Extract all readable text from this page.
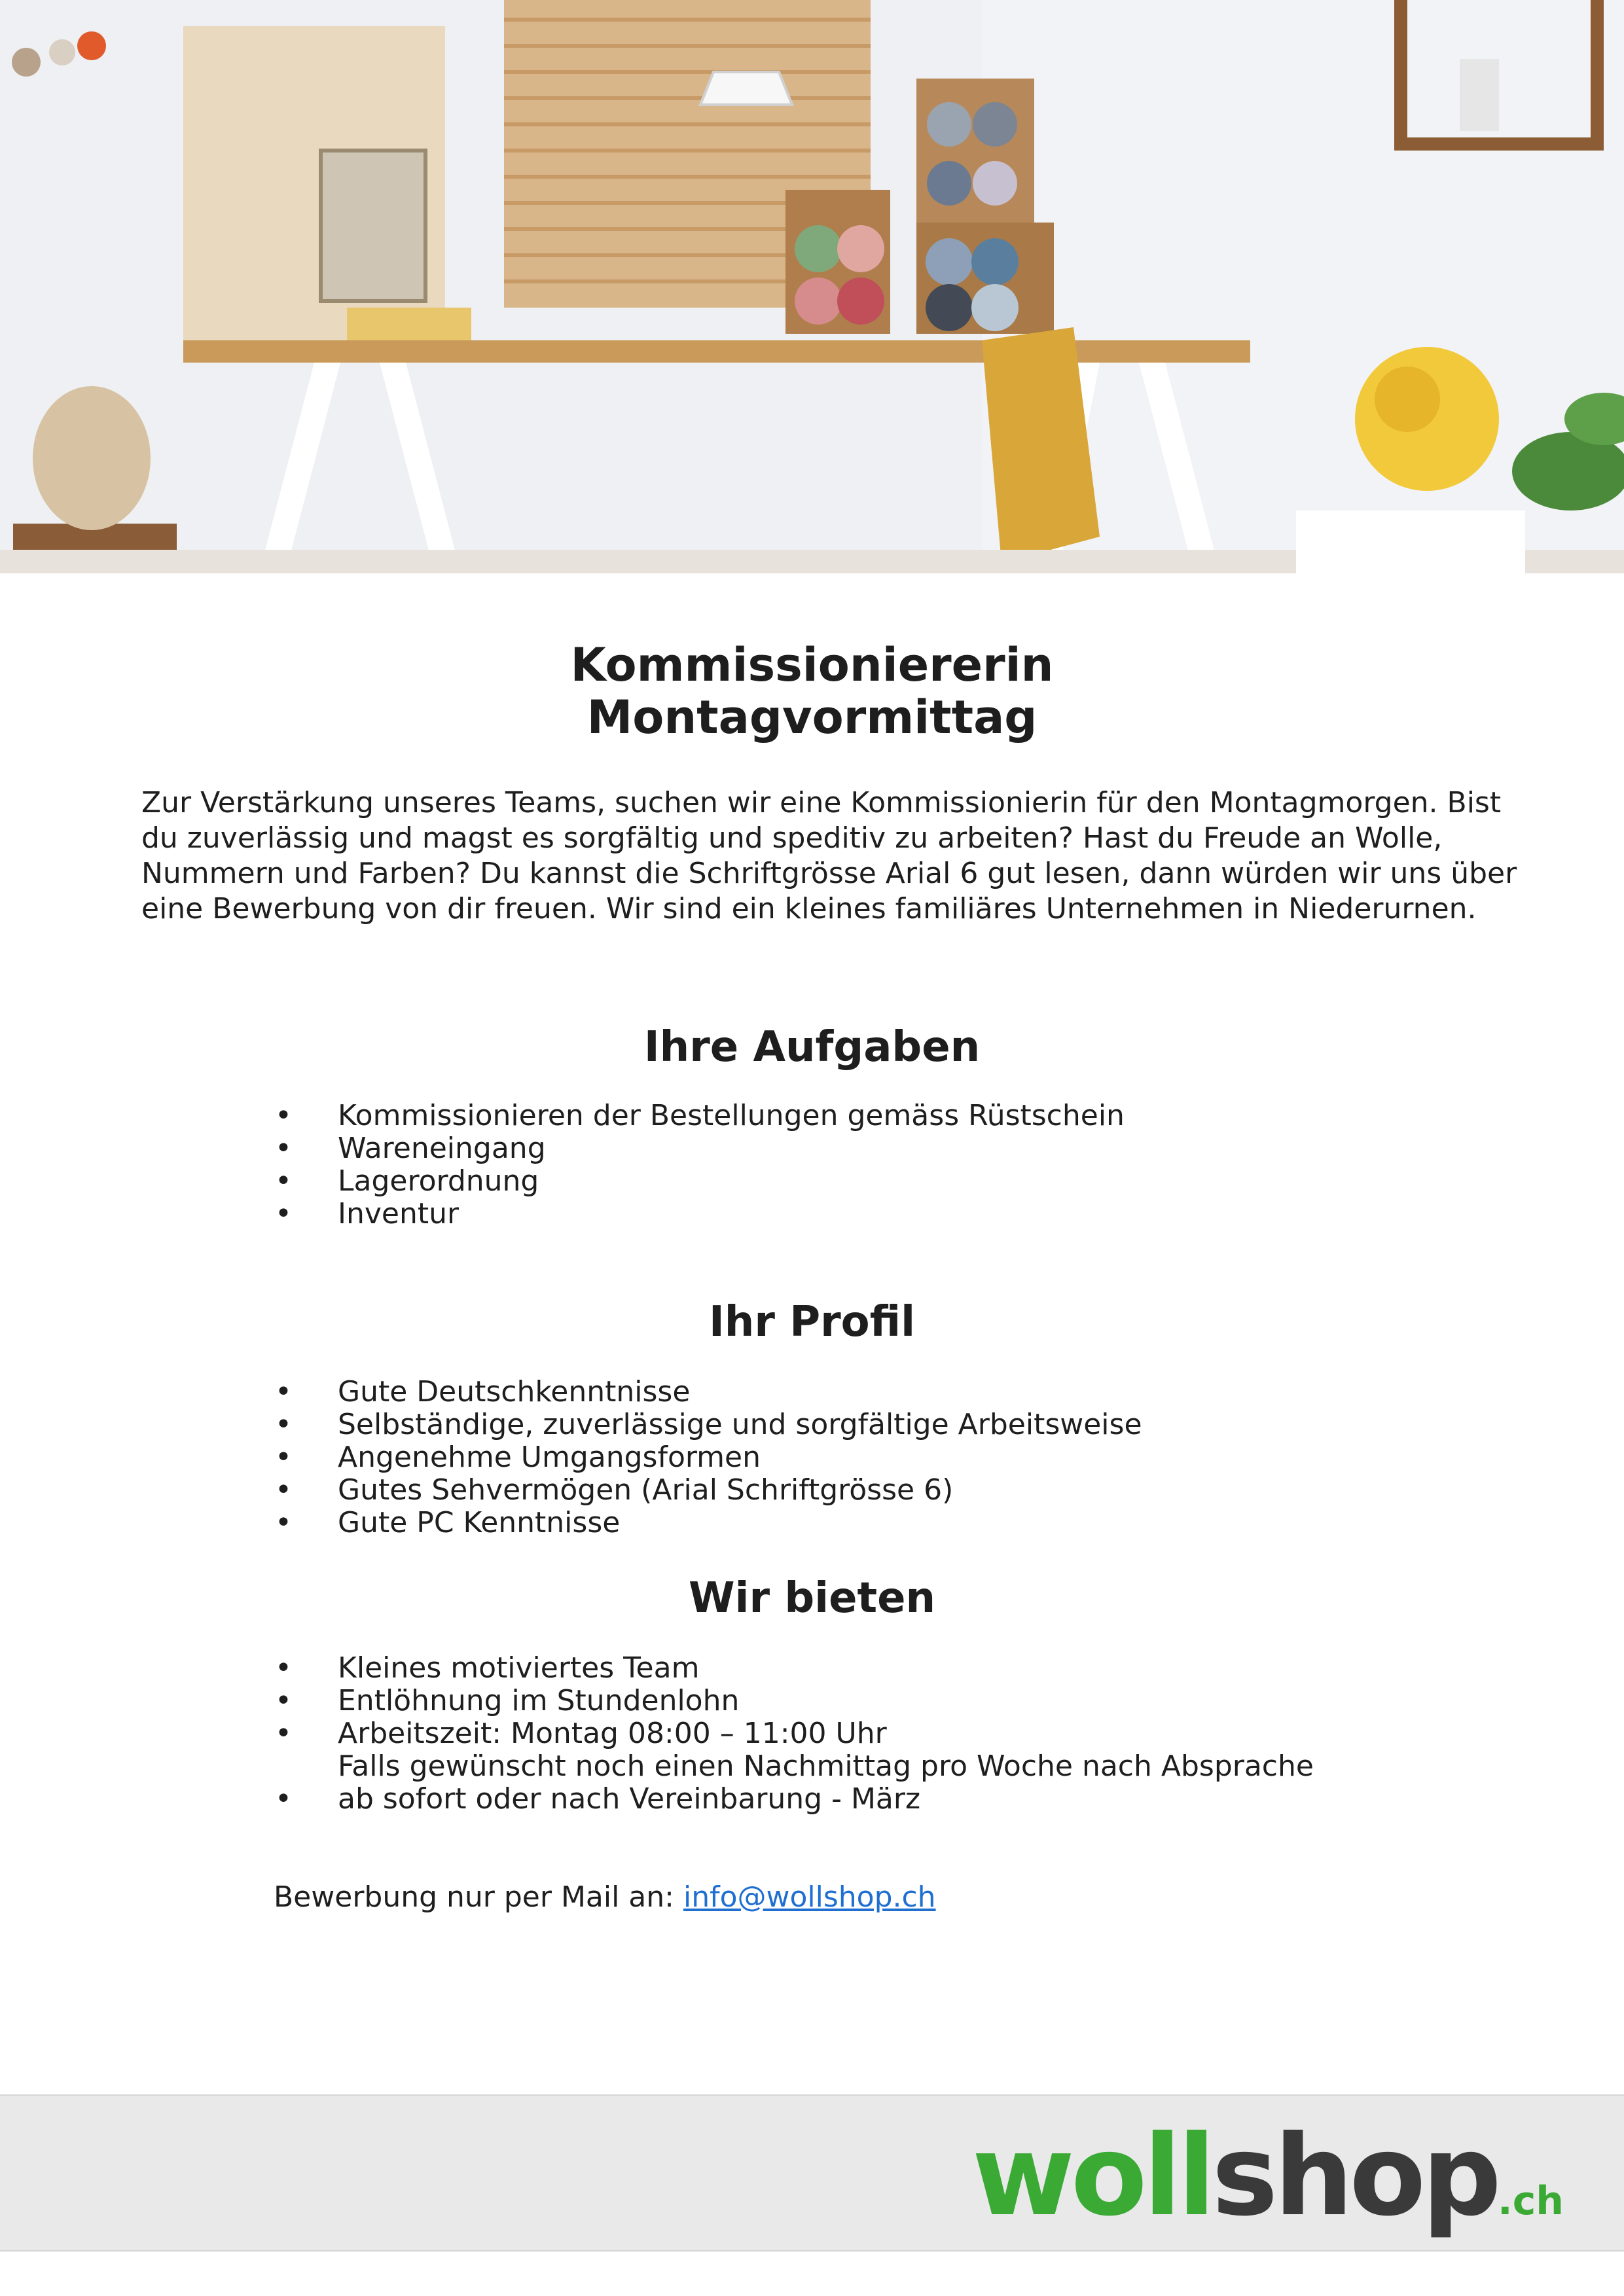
Kommissioniererin
Montagvormittag

Zur Verstärkung unseres Teams, suchen wir eine Kommissionierin für den Montagmorgen. Bist du zuverlässig und magst es sorgfältig und speditiv zu arbeiten? Hast du Freude an Wolle, Nummern und Farben? Du kannst die Schriftgrösse Arial 6 gut lesen, dann würden wir uns über eine Bewerbung von dir freuen. Wir sind ein kleines familiäres Unternehmen in Niederurnen.

Ihre Aufgaben
• Kommissionieren der Bestellungen gemäss Rüstschein
• Wareneingang
• Lagerordnung
• Inventur
Ihr Profil
• Gute Deutschkenntnisse
• Selbständige, zuverlässige und sorgfältige Arbeitsweise
• Angenehme Umgangsformen
• Gutes Sehvermögen (Arial Schriftgrösse 6)
• Gute PC Kenntnisse
Wir bieten
• Kleines motiviertes Team
• Entlöhnung im Stundenlohn
• Arbeitszeit: Montag 08:00 – 11:00 Uhr
Falls gewünscht noch einen Nachmittag pro Woche nach Absprache
• ab sofort oder nach Vereinbarung - März

Bewerbung nur per Mail an: info@wollshop.ch

wollshop.ch
